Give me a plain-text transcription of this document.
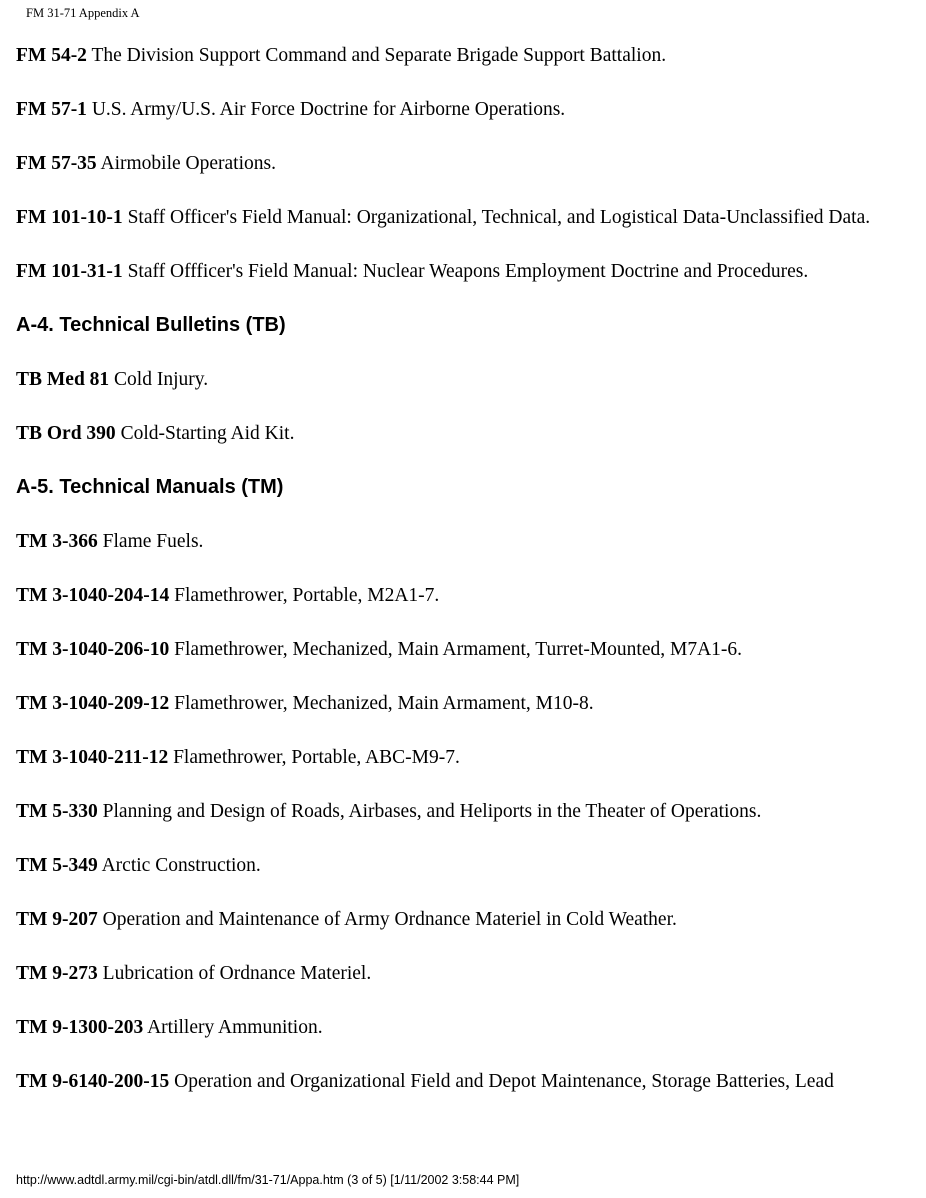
FM 31-71 Appendix A

FM 54-2 The Division Support Command and Separate Brigade Support Battalion.

FM 57-1 U.S. Army/U.S. Air Force Doctrine for Airborne Operations.

FM 57-35 Airmobile Operations.

FM 101-10-1 Staff Officer's Field Manual: Organizational, Technical, and Logistical Data-Unclassified Data.

FM 101-31-1 Staff Offficer's Field Manual: Nuclear Weapons Employment Doctrine and Procedures.

A-4. Technical Bulletins (TB)

TB Med 81 Cold Injury.

TB Ord 390 Cold-Starting Aid Kit.

A-5. Technical Manuals (TM)

TM 3-366 Flame Fuels.

TM 3-1040-204-14 Flamethrower, Portable, M2A1-7.

TM 3-1040-206-10 Flamethrower, Mechanized, Main Armament, Turret-Mounted, M7A1-6.

TM 3-1040-209-12 Flamethrower, Mechanized, Main Armament, M10-8.

TM 3-1040-211-12 Flamethrower, Portable, ABC-M9-7.

TM 5-330 Planning and Design of Roads, Airbases, and Heliports in the Theater of Operations.

TM 5-349 Arctic Construction.

TM 9-207 Operation and Maintenance of Army Ordnance Materiel in Cold Weather.

TM 9-273 Lubrication of Ordnance Materiel.

TM 9-1300-203 Artillery Ammunition.

TM 9-6140-200-15 Operation and Organizational Field and Depot Maintenance, Storage Batteries, Lead

http://www.adtdl.army.mil/cgi-bin/atdl.dll/fm/31-71/Appa.htm (3 of 5) [1/11/2002 3:58:44 PM]
